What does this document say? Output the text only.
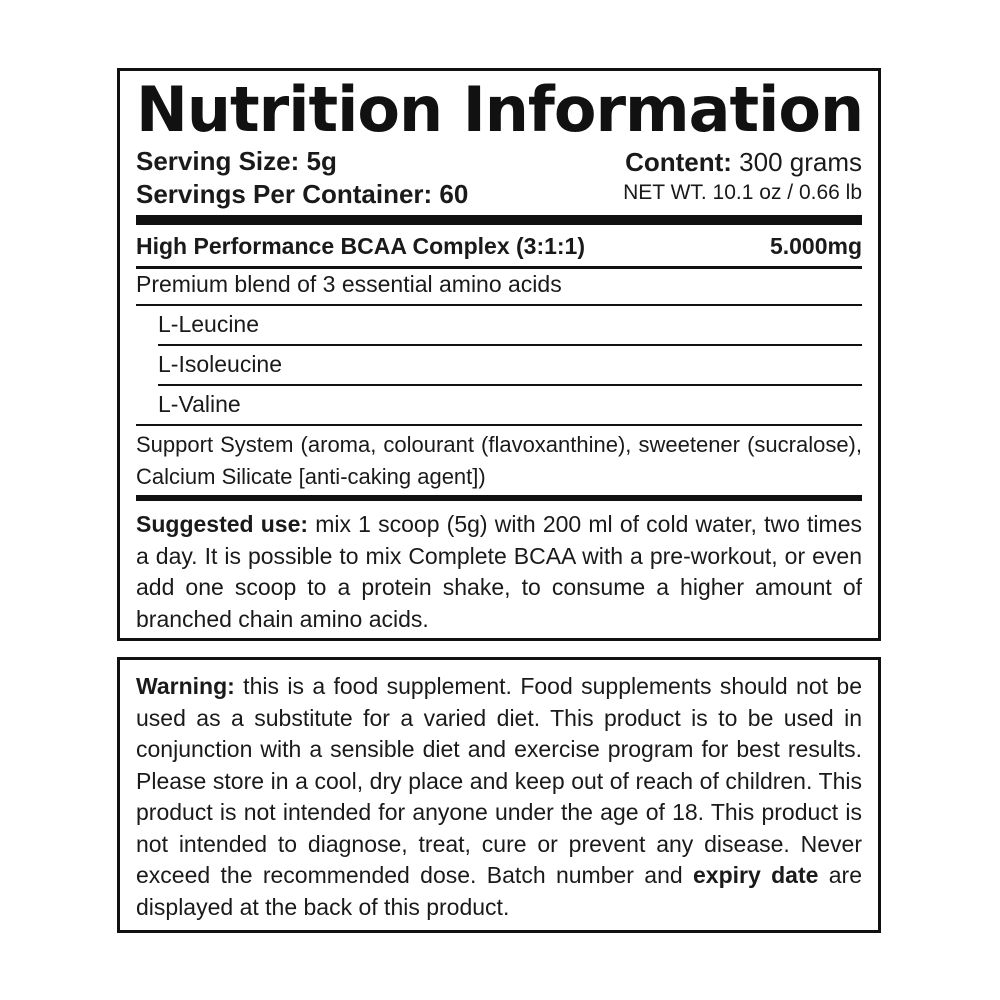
Nutrition Information
Serving Size: 5g
Servings Per Container: 60
Content: 300 grams
NET WT. 10.1 oz / 0.66 lb
High Performance BCAA Complex (3:1:1)	5.000mg
Premium blend of 3 essential amino acids
L-Leucine
L-Isoleucine
L-Valine
Support System (aroma, colourant (flavoxanthine), sweetener (sucralose), Calcium Silicate [anti-caking agent])
Suggested use: mix 1 scoop (5g) with 200 ml of cold water, two times a day. It is possible to mix Complete BCAA with a pre-workout, or even add one scoop to a protein shake, to consume a higher amount of branched chain amino acids.
Warning: this is a food supplement. Food supplements should not be used as a substitute for a varied diet. This product is to be used in conjunction with a sensible diet and exercise program for best results. Please store in a cool, dry place and keep out of reach of children. This product is not intended for anyone under the age of 18. This product is not intended to diagnose, treat, cure or prevent any disease. Never exceed the recommended dose. Batch number and expiry date are displayed at the back of this product.
